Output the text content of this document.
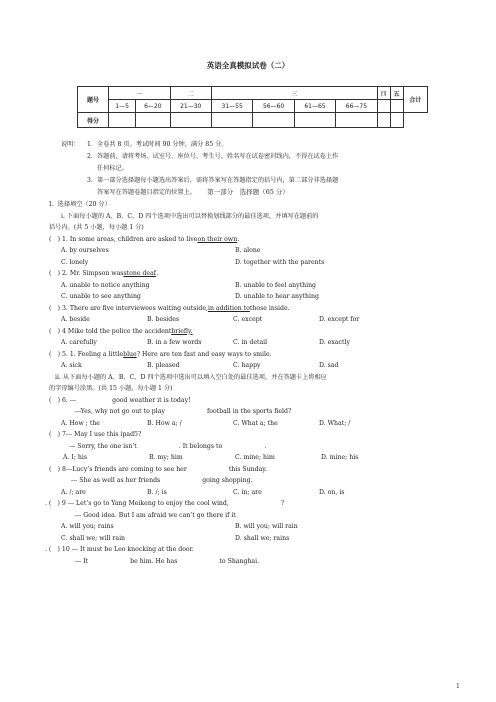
英语全真模拟试卷（二）
题号	一		二	三				四	五	合计
	1—5	6—20	21—30	31—55	56—60	61—65	66—75			
得分										
说明：	1． 全卷共 8 页。考试时间 90 分钟，满分 85 分。
2． 答题前，请将考场、试室号、座位号、考生号、姓名写在试卷密封线内，不得在试卷上作
任何标记。
3． 第一部分选择题每小题选出答案后，需将答案写在答题指定的括号内，第二部分非选择题
答案写在答题卷题目指定的位置上。	第一部分　选择题（65 分）
I．选择填空（20 分）
i. 下面每小题的 A、B、C、D 四个选项中选出可以替换划线部分的最佳选项，并填写在题前的
括号内。(共 5 小题，每小题 1 分)
(　) 1. In some areas, children are asked to live on their own .
A. by ourselves	B. alone
C. lonely	D. together with the parents
(　) 2. Mr. Simpson was stone deaf .
A. unable to notice anything	B. unable to feel anything
C. unable to see anything	D. unable to hear anything
(　) 3. There are five interviewees waiting outside, in addition to those inside.
A. beside	B. besides	C. except	D. except for
(　) 4 Mike told the police the accident briefly.
A. carefully	B. in a few words	C. in detail	D. exactly
(　) 5. 1. Feeling a little blue ? Here are ten fast and easy ways to smile.
A. sick	B. pleased	C. happy	D. sad
ii. 从下面每小题的 A、B、C、D 四个选项中选出可以填入空白处的最佳选项，并在答题卡上将相应
的字母编号涂黑。(共 15 小题，每小题 1 分)
(　) 6. ---	good weather it is today!
---Yes, why not go out to play	football in the sports field?
A. How ; the	B. How a; /	C. What a; the	D. What; /
(　) 7--- May I use this ipad5?
--- Sorry, the one isn’t	. It belongs to	.
A. I; his	B. my; him	C. mine; him	D. mine; his
(　) 8---Lucy’s friends are coming to see her	this Sunday.
--- She as well as her friends	going shopping.
A. /; are	B. /; is	C. in; are	D. on, is
. (　) 9 --- Let’s go to Yang Meikeng to enjoy the cool wind,	?
--- Good idea. But I am afraid we can’t go there if it
A. will you; rains	B. will you; will rain
C. shall we; will rain	D. shall we; rains
. (　) 10 --- It must be Leo knocking at the door.
--- It	be him. He has	to Shanghai.
1
